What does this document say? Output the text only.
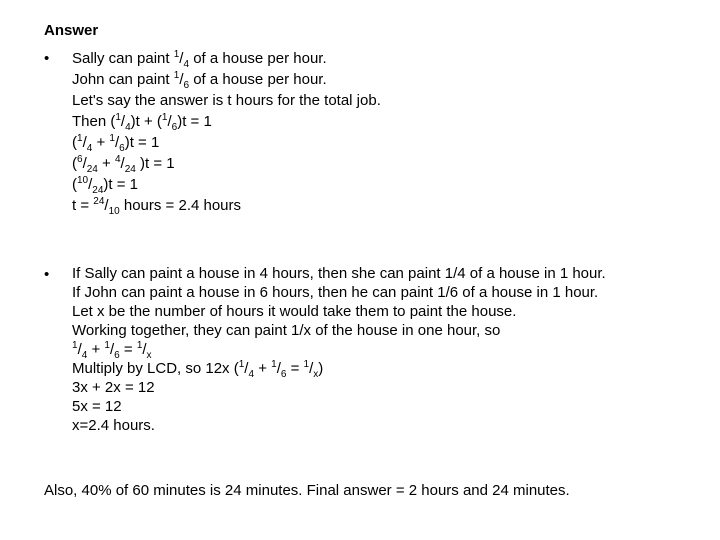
Answer
• Sally can paint $^1/_4$ of a house per hour.
John can paint $^1/_6$ of a house per hour.
Let's say the answer is t hours for the total job.
Then $(^1/_4)t + (^1/_6)t = 1$
$(^1/_4 + ^1/_6)t = 1$
($^6/_{24} + ^4/_{24}$ )t = 1
$(^{10}/_{24})t = 1$
$t = ^{24}/_{10}$ hours = 2.4 hours
• If Sally can paint a house in 4 hours, then she can paint 1/4 of a house in 1 hour.
If John can paint a house in 6 hours, then he can paint 1/6 of a house in 1 hour.
Let x be the number of hours it would take them to paint the house.
Working together, they can paint 1/x of the house in one hour, so
$^1/_4 + ^1/_6 = ^1/_x$
Multiply by LCD, so 12x $(^1/_4 + ^1/_6 = ^1/_x)$
3x + 2x = 12
5x = 12
x=2.4 hours.
Also, 40% of 60 minutes is 24 minutes. Final answer = 2 hours and 24 minutes.
